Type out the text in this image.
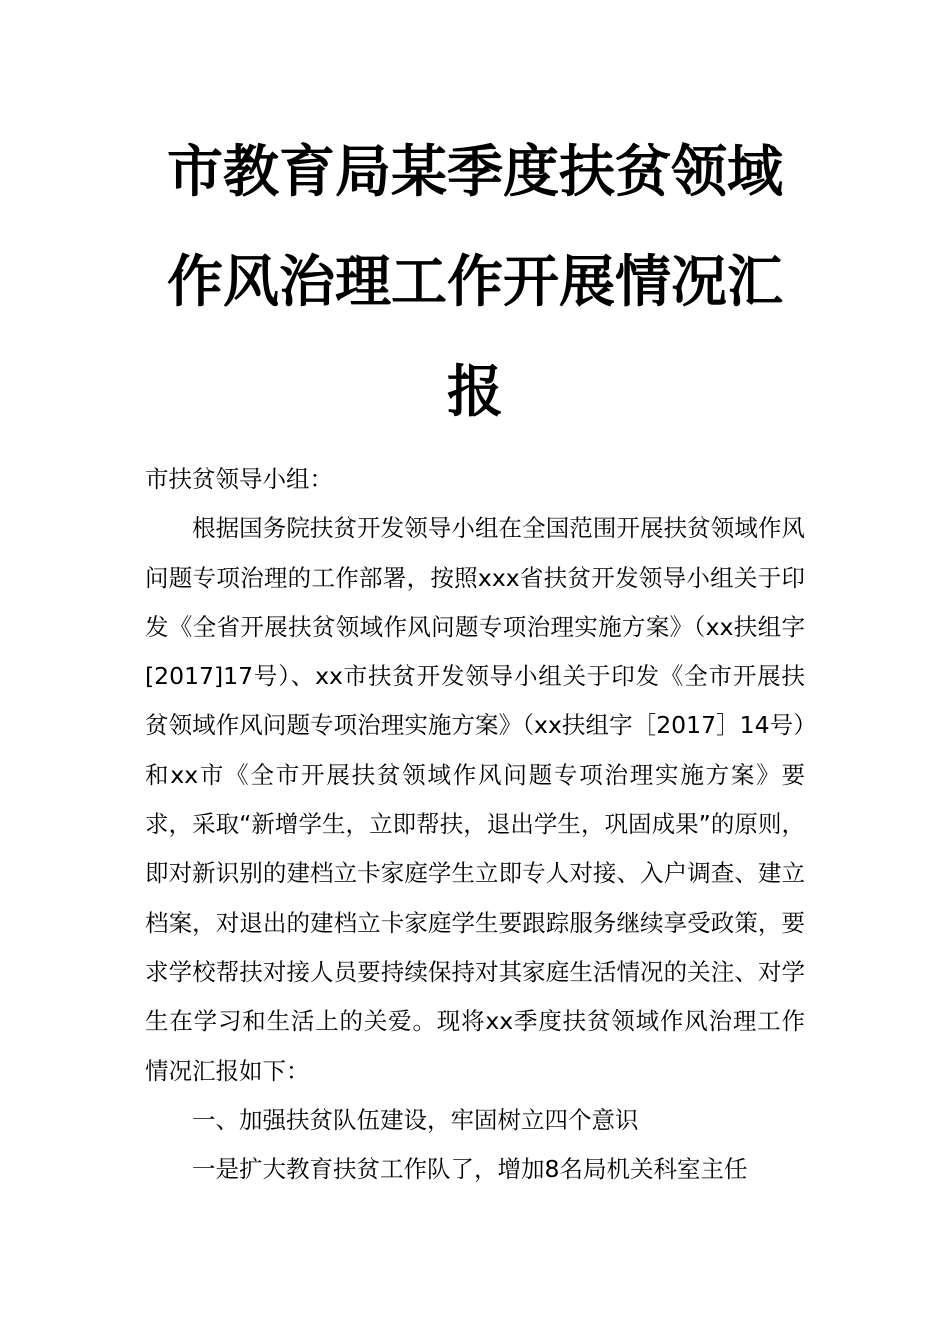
市教育局某季度扶贫领域作风治理工作开展情况汇报

市扶贫领导小组：

根据国务院扶贫开发领导小组在全国范围开展扶贫领域作风问题专项治理的工作部署，按照xxx省扶贫开发领导小组关于印发《全省开展扶贫领域作风问题专项治理实施方案》（xx扶组字[2017]17号）、xx市扶贫开发领导小组关于印发《全市开展扶贫领域作风问题专项治理实施方案》（xx扶组字［2017］14号）和xx市《全市开展扶贫领域作风问题专项治理实施方案》要求，采取“新增学生，立即帮扶，退出学生，巩固成果”的原则，即对新识别的建档立卡家庭学生立即专人对接、入户调查、建立档案，对退出的建档立卡家庭学生要跟踪服务继续享受政策，要求学校帮扶对接人员要持续保持对其家庭生活情况的关注、对学生在学习和生活上的关爱。现将xx季度扶贫领域作风治理工作情况汇报如下：

一、加强扶贫队伍建设，牢固树立四个意识

一是扩大教育扶贫工作队了，增加8名局机关科室主任
